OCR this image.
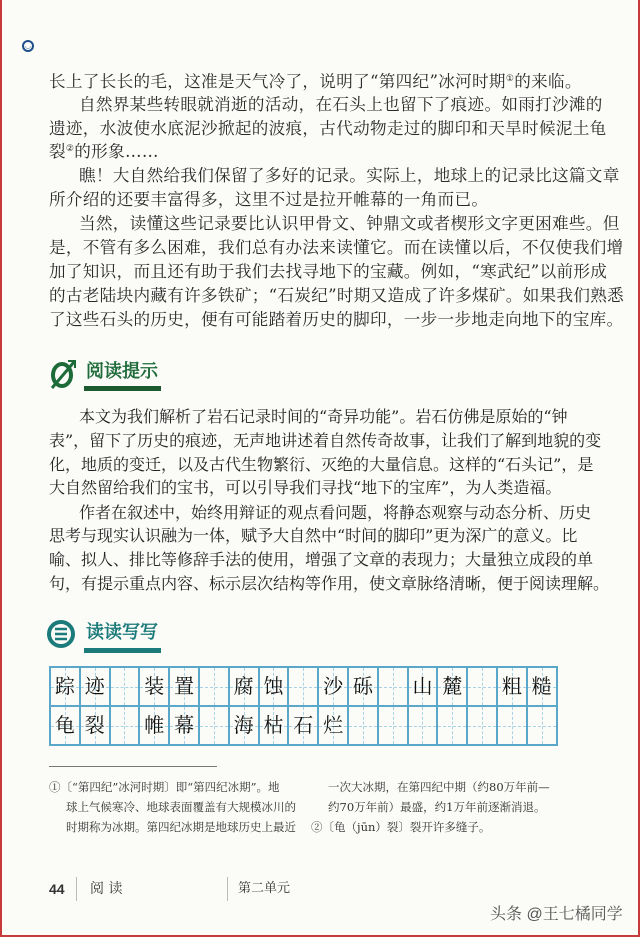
◡
长上了长长的毛，这准是天气冷了，说明了“第四纪”冰河时期①的来临。
自然界某些转眼就消逝的活动，在石头上也留下了痕迹。如雨打沙滩的
遗迹，水波使水底泥沙掀起的波痕，古代动物走过的脚印和天旱时候泥土龟
裂②的形象……
瞧！大自然给我们保留了多好的记录。实际上，地球上的记录比这篇文章
所介绍的还要丰富得多，这里不过是拉开帷幕的一角而已。
当然，读懂这些记录要比认识甲骨文、钟鼎文或者楔形文字更困难些。但
是，不管有多么困难，我们总有办法来读懂它。而在读懂以后，不仅使我们增
加了知识，而且还有助于我们去找寻地下的宝藏。例如，“寒武纪”以前形成
的古老陆块内藏有许多铁矿；“石炭纪”时期又造成了许多煤矿。如果我们熟悉
了这些石头的历史，便有可能踏着历史的脚印，一步一步地走向地下的宝库。
阅读提示
本文为我们解析了岩石记录时间的“奇异功能”。岩石仿佛是原始的“钟
表”，留下了历史的痕迹，无声地讲述着自然传奇故事，让我们了解到地貌的变
化，地质的变迁，以及古代生物繁衍、灭绝的大量信息。这样的“石头记”，是
大自然留给我们的宝书，可以引导我们寻找“地下的宝库”，为人类造福。
作者在叙述中，始终用辩证的观点看问题，将静态观察与动态分析、历史
思考与现实认识融为一体，赋予大自然中“时间的脚印”更为深广的意义。比
喻、拟人、排比等修辞手法的使用，增强了文章的表现力；大量独立成段的单
句，有提示重点内容、标示层次结构等作用，使文章脉络清晰，便于阅读理解。
读读写写
踪 迹 装 置 腐 蚀 沙 砾 山 麓 粗 糙
龟 裂 帷 幕 海 枯 石 烂
①〔“第四纪”冰河时期〕即“第四纪冰期”。地
球上气候寒冷、地球表面覆盖有大规模冰川的
时期称为冰期。第四纪冰期是地球历史上最近
一次大冰期，在第四纪中期（约80万年前—
约70万年前）最盛，约1万年前逐渐消退。
②〔龟（jūn）裂〕裂开许多缝子。
44 阅 读	第二单元
头条 @王七橘同学
